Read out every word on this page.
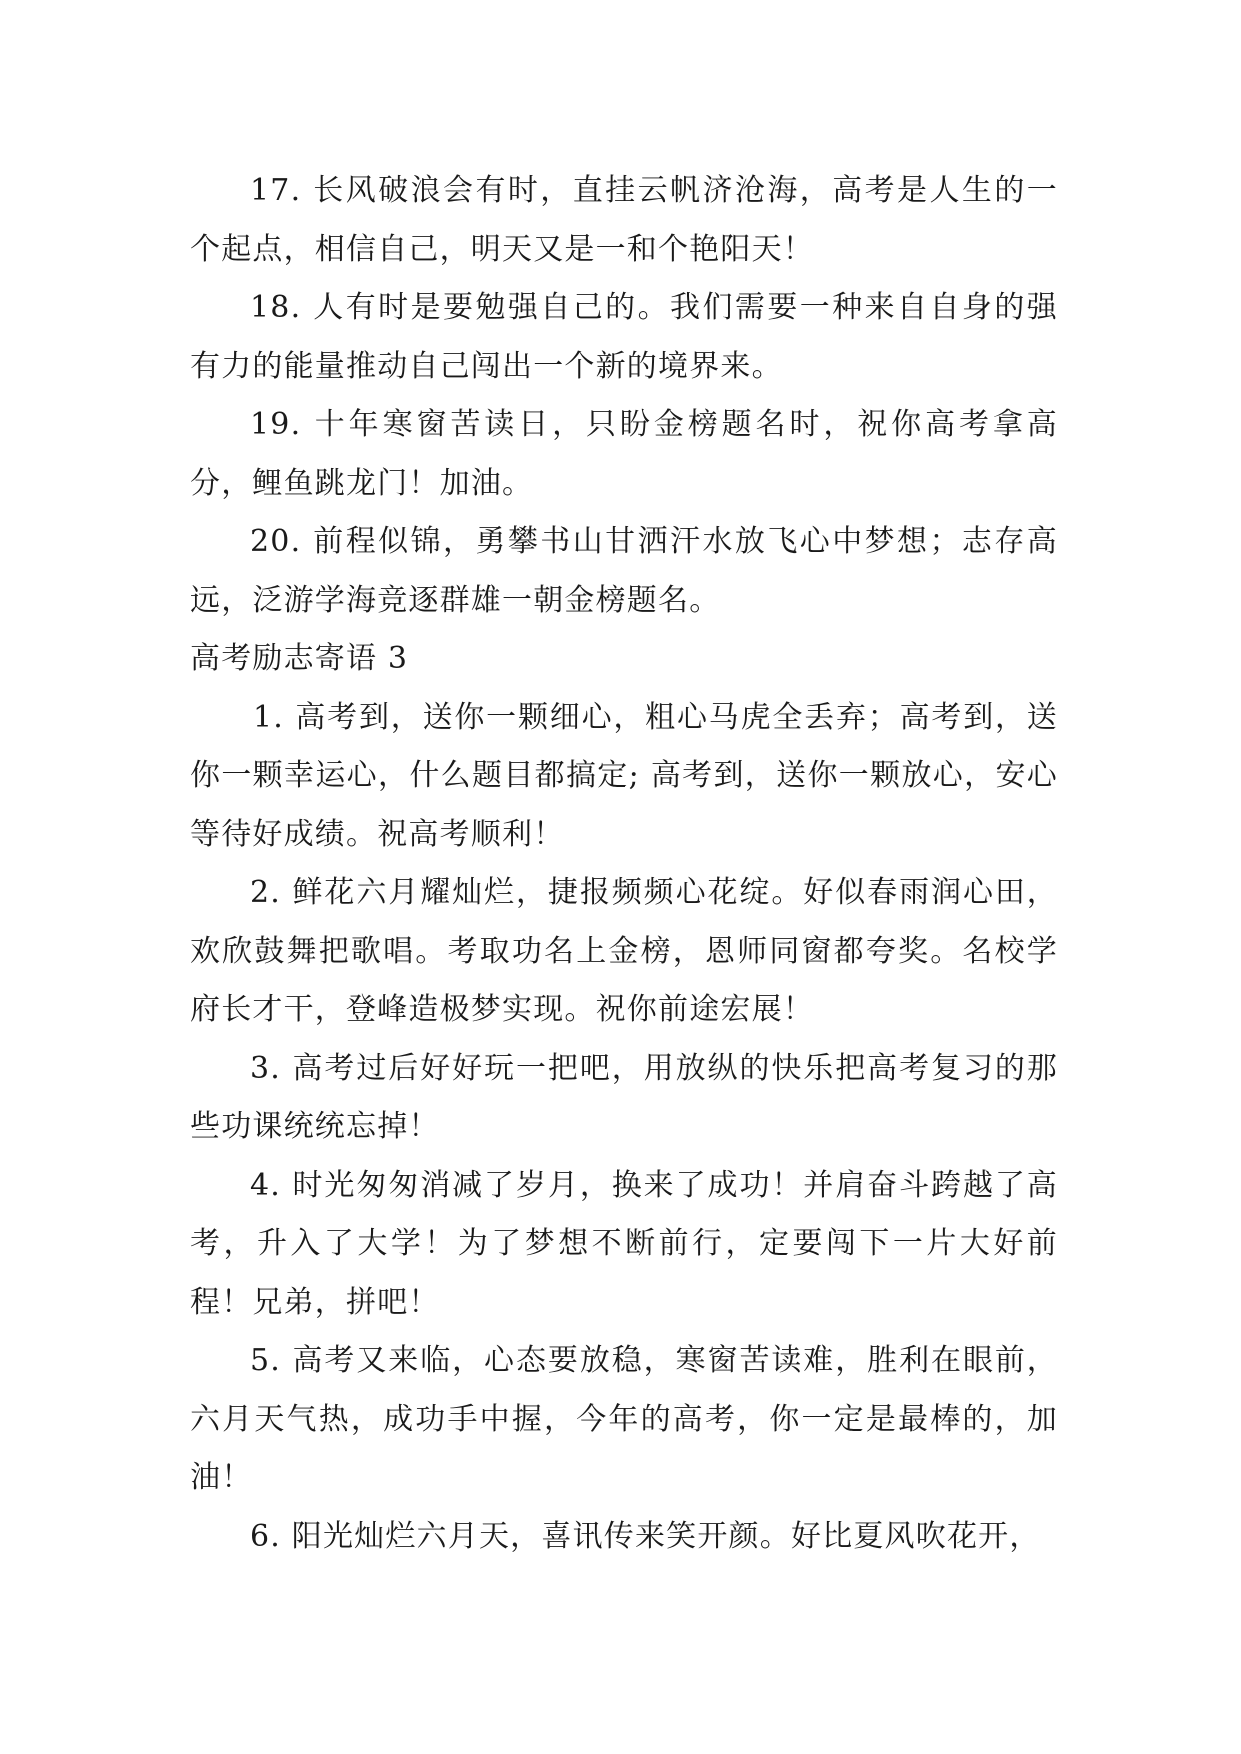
17. 长风破浪会有时，直挂云帆济沧海，高考是人生的一个起点，相信自己，明天又是一和个艳阳天！

18. 人有时是要勉强自己的。我们需要一种来自自身的强有力的能量推动自己闯出一个新的境界来。

19. 十年寒窗苦读日，只盼金榜题名时，祝你高考拿高分，鲤鱼跳龙门！加油。

20. 前程似锦，勇攀书山甘洒汗水放飞心中梦想；志存高远，泛游学海竞逐群雄一朝金榜题名。

高考励志寄语 3

1. 高考到，送你一颗细心，粗心马虎全丢弃；高考到，送你一颗幸运心，什么题目都搞定; 高考到，送你一颗放心，安心等待好成绩。祝高考顺利！

2. 鲜花六月耀灿烂，捷报频频心花绽。好似春雨润心田，欢欣鼓舞把歌唱。考取功名上金榜，恩师同窗都夸奖。名校学府长才干，登峰造极梦实现。祝你前途宏展！

3. 高考过后好好玩一把吧，用放纵的快乐把高考复习的那些功课统统忘掉！

4. 时光匆匆消减了岁月，换来了成功！并肩奋斗跨越了高考，升入了大学！为了梦想不断前行，定要闯下一片大好前程！兄弟，拼吧！

5. 高考又来临，心态要放稳，寒窗苦读难，胜利在眼前，六月天气热，成功手中握，今年的高考，你一定是最棒的，加油！

6. 阳光灿烂六月天，喜讯传来笑开颜。好比夏风吹花开，
